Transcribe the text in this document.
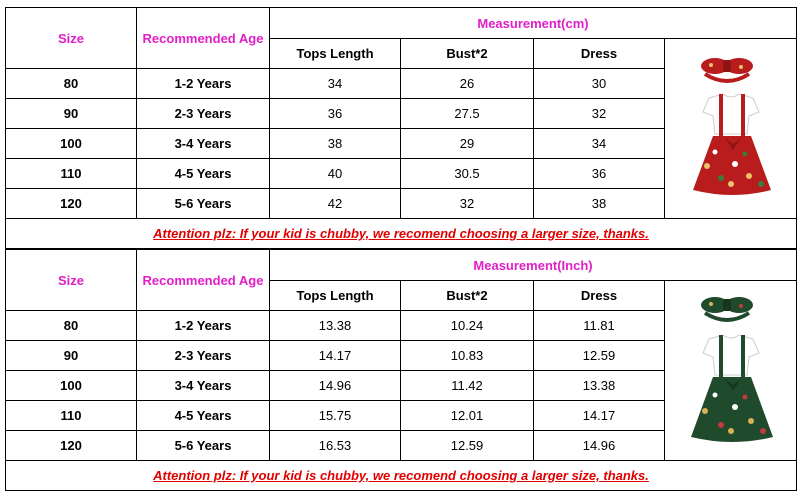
Size	Recommended Age	Measurement(cm)			
		Tops Length	Bust*2	Dress	

80	1-2 Years	34	26	30	
90	2-3 Years	36	27.5	32	
100	3-4 Years	38	29	34	
110	4-5 Years	40	30.5	36	
120	5-6 Years	42	32	38	
Attention plz: If your kid is chubby, we recomend choosing a larger size, thanks.					
Size	Recommended Age	Measurement(Inch)			
		Tops Length	Bust*2	Dress	

80	1-2 Years	13.38	10.24	11.81	
90	2-3 Years	14.17	10.83	12.59	
100	3-4 Years	14.96	11.42	13.38	
110	4-5 Years	15.75	12.01	14.17	
120	5-6 Years	16.53	12.59	14.96	
Attention plz: If your kid is chubby, we recomend choosing a larger size, thanks.					
